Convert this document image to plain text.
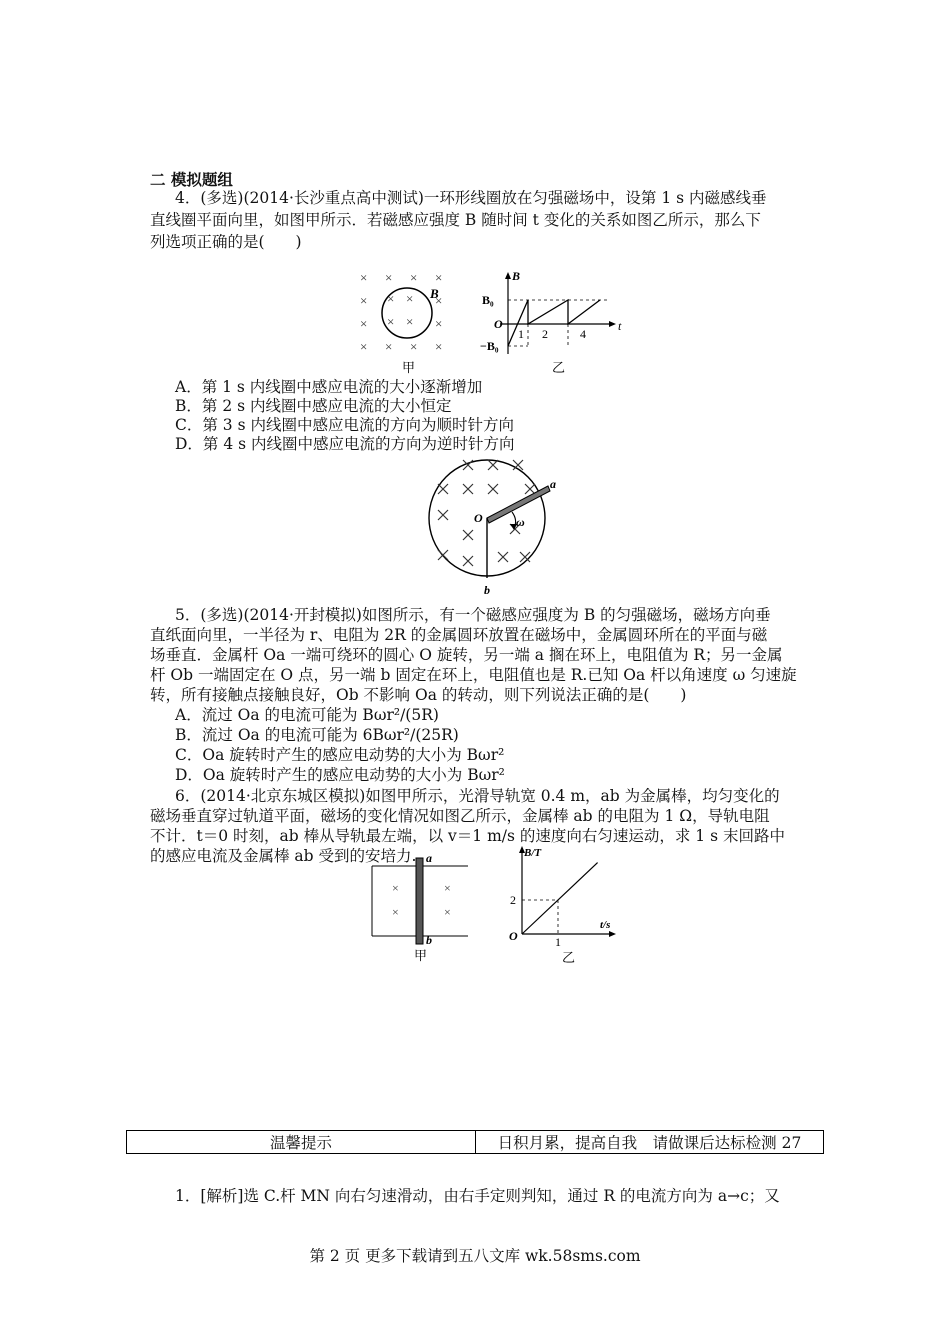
二 模拟题组
4．(多选)(2014·长沙重点高中测试)一环形线圈放在匀强磁场中，设第 1 s 内磁感线垂
直线圈平面向里，如图甲所示．若磁感应强度 B 随时间 t 变化的关系如图乙所示，那么下
列选项正确的是(　　)
× × × ×
×	×
×	×
× × × ×
× ×
× ×
B
甲
B
B₀
O
−B₀
t
1 2	4
乙
A．第 1 s 内线圈中感应电流的大小逐渐增加
B．第 2 s 内线圈中感应电流的大小恒定
C．第 3 s 内线圈中感应电流的方向为顺时针方向
D．第 4 s 内线圈中感应电流的方向为逆时针方向
a
O	ω
b
5．(多选)(2014·开封模拟)如图所示，有一个磁感应强度为 B 的匀强磁场，磁场方向垂
直纸面向里，一半径为 r、电阻为 2R 的金属圆环放置在磁场中，金属圆环所在的平面与磁
场垂直．金属杆 Oa 一端可绕环的圆心 O 旋转，另一端 a 搁在环上，电阻值为 R；另一金属
杆 Ob 一端固定在 O 点，另一端 b 固定在环上，电阻值也是 R.已知 Oa 杆以角速度 ω 匀速旋
转，所有接触点接触良好，Ob 不影响 Oa 的转动，则下列说法正确的是(　　)
A．流过 Oa 的电流可能为 Bωr²/(5R)
B．流过 Oa 的电流可能为 6Bωr²/(25R)
C．Oa 旋转时产生的感应电动势的大小为 Bωr²
D．Oa 旋转时产生的感应电动势的大小为 Bωr²
6．(2014·北京东城区模拟)如图甲所示，光滑导轨宽 0.4 m，ab 为金属棒，均匀变化的
磁场垂直穿过轨道平面，磁场的变化情况如图乙所示，金属棒 ab 的电阻为 1 Ω，导轨电阻
不计．t＝0 时刻，ab 棒从导轨最左端，以 v＝1 m/s 的速度向右匀速运动，求 1 s 末回路中
的感应电流及金属棒 ab 受到的安培力.
×	×
×	×
a
b
甲
B/T
t/s
O
2
1
乙
温馨提示	日积月累，提高自我　请做课后达标检测 27
1．[解析]选 C.杆 MN 向右匀速滑动，由右手定则判知，通过 R 的电流方向为 a→c；又
第 2 页 更多下载请到五八文库 wk.58sms.com
